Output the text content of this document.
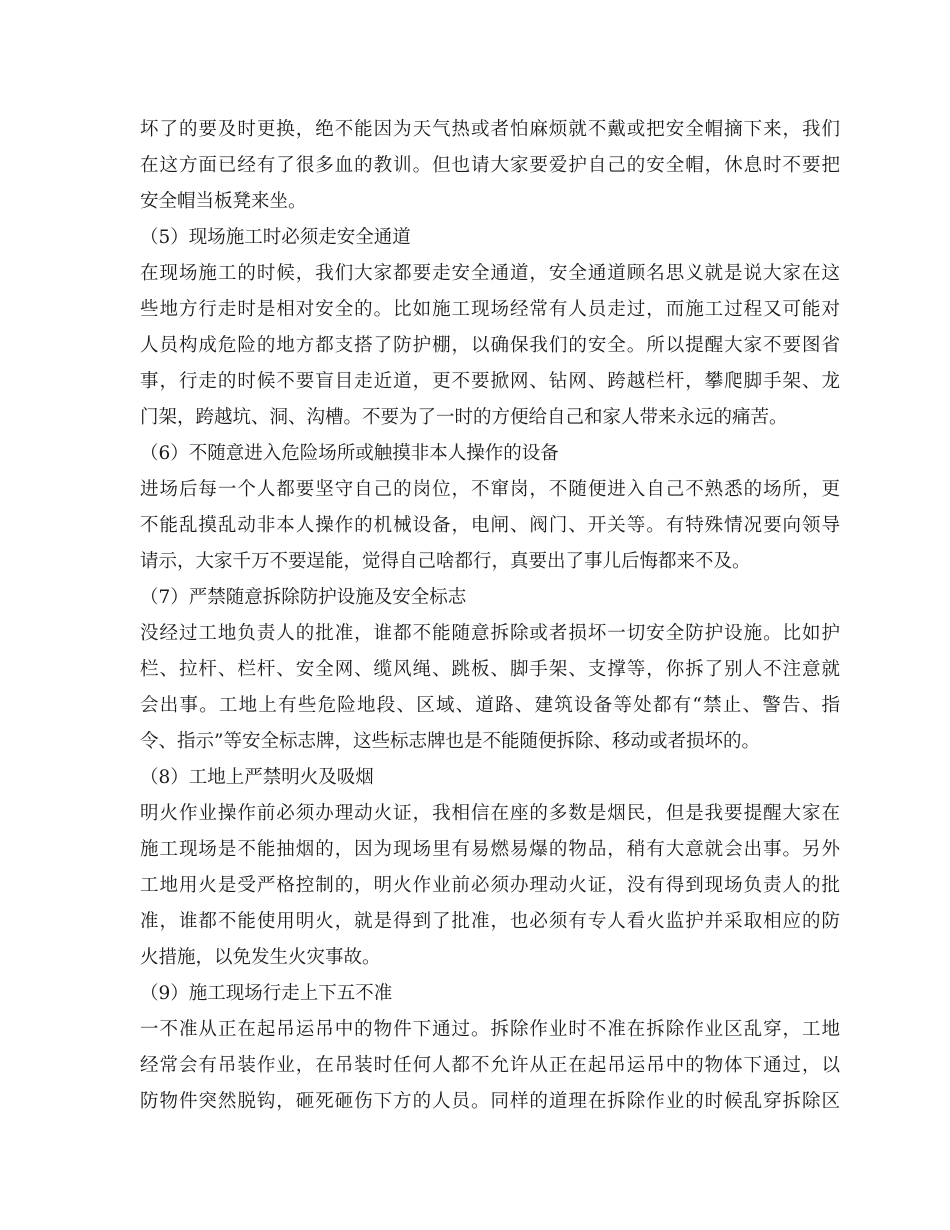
坏了的要及时更换，绝不能因为天气热或者怕麻烦就不戴或把安全帽摘下来，我们
在这方面已经有了很多血的教训。但也请大家要爱护自己的安全帽，休息时不要把
安全帽当板凳来坐。
（5）现场施工时必须走安全通道
在现场施工的时候，我们大家都要走安全通道，安全通道顾名思义就是说大家在这
些地方行走时是相对安全的。比如施工现场经常有人员走过，而施工过程又可能对
人员构成危险的地方都支搭了防护棚，以确保我们的安全。所以提醒大家不要图省
事，行走的时候不要盲目走近道，更不要掀网、钻网、跨越栏杆，攀爬脚手架、龙
门架，跨越坑、洞、沟槽。不要为了一时的方便给自己和家人带来永远的痛苦。
（6）不随意进入危险场所或触摸非本人操作的设备
进场后每一个人都要坚守自己的岗位，不窜岗，不随便进入自己不熟悉的场所，更
不能乱摸乱动非本人操作的机械设备，电闸、阀门、开关等。有特殊情况要向领导
请示，大家千万不要逞能，觉得自己啥都行，真要出了事儿后悔都来不及。
（7）严禁随意拆除防护设施及安全标志
没经过工地负责人的批准，谁都不能随意拆除或者损坏一切安全防护设施。比如护
栏、拉杆、栏杆、安全网、缆风绳、跳板、脚手架、支撑等，你拆了别人不注意就
会出事。工地上有些危险地段、区域、道路、建筑设备等处都有“禁止、警告、指
令、指示”等安全标志牌，这些标志牌也是不能随便拆除、移动或者损坏的。
（8）工地上严禁明火及吸烟
明火作业操作前必须办理动火证，我相信在座的多数是烟民，但是我要提醒大家在
施工现场是不能抽烟的，因为现场里有易燃易爆的物品，稍有大意就会出事。另外
工地用火是受严格控制的，明火作业前必须办理动火证，没有得到现场负责人的批
准，谁都不能使用明火，就是得到了批准，也必须有专人看火监护并采取相应的防
火措施，以免发生火灾事故。
（9）施工现场行走上下五不准
一不准从正在起吊运吊中的物件下通过。拆除作业时不准在拆除作业区乱穿，工地
经常会有吊装作业，在吊装时任何人都不允许从正在起吊运吊中的物体下通过，以
防物件突然脱钩，砸死砸伤下方的人员。同样的道理在拆除作业的时候乱穿拆除区
